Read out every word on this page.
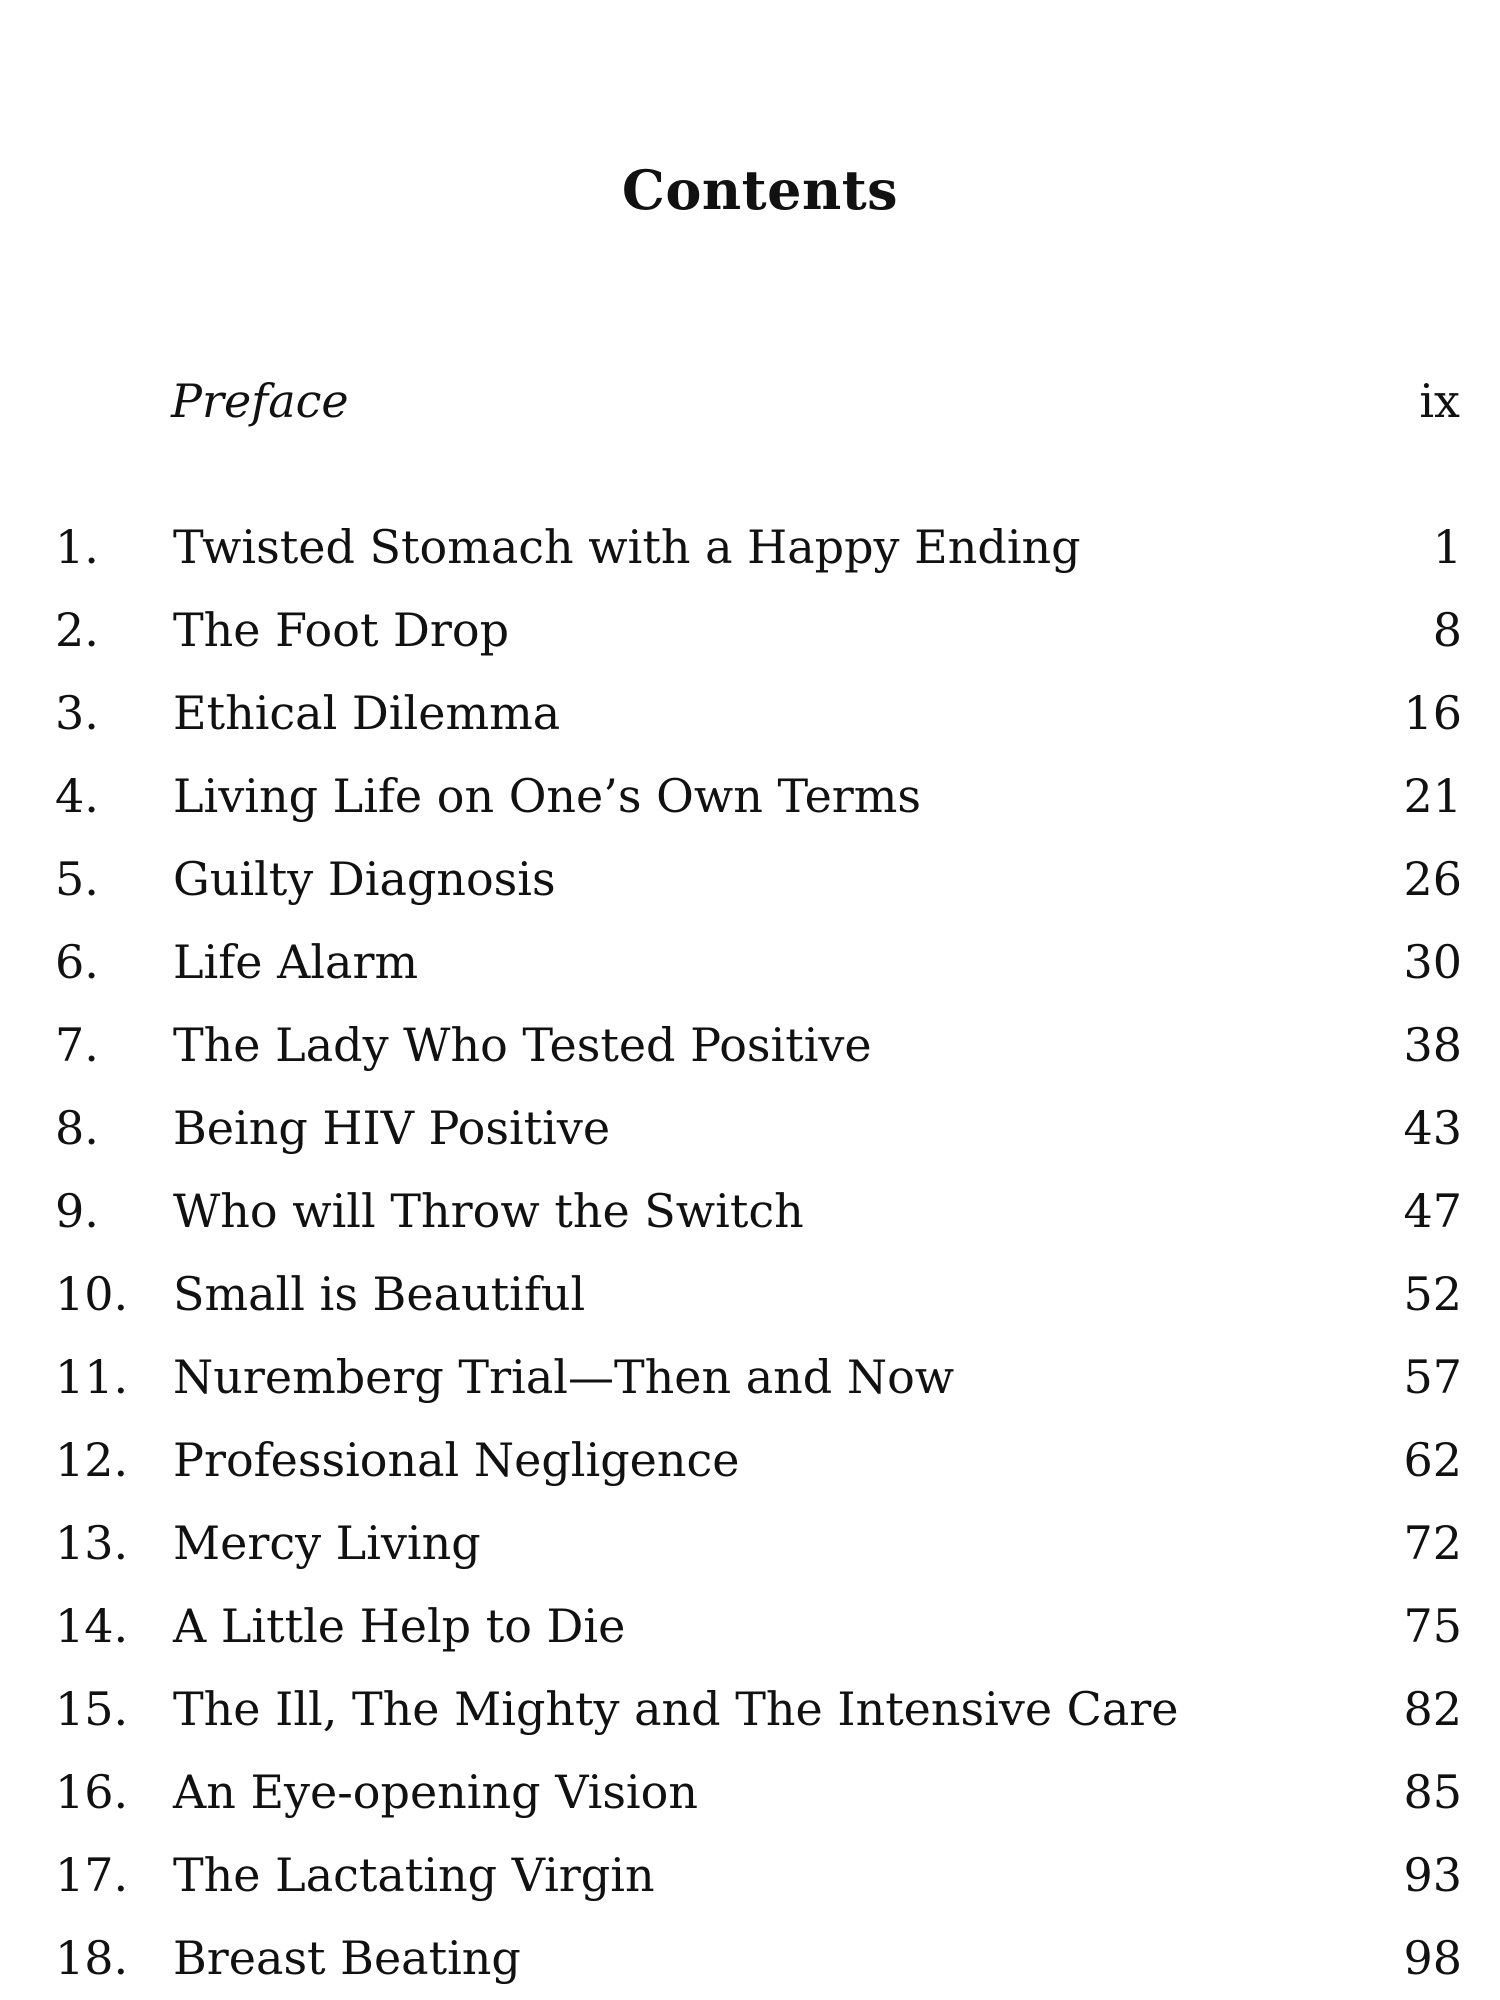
Contents
Preface	ix
1. Twisted Stomach with a Happy Ending	1
2. The Foot Drop	8
3. Ethical Dilemma	16
4. Living Life on One’s Own Terms	21
5. Guilty Diagnosis	26
6. Life Alarm	30
7. The Lady Who Tested Positive	38
8. Being HIV Positive	43
9. Who will Throw the Switch	47
10. Small is Beautiful	52
11. Nuremberg Trial—Then and Now	57
12. Professional Negligence	62
13. Mercy Living	72
14. A Little Help to Die	75
15. The Ill, The Mighty and The Intensive Care	82
16. An Eye-opening Vision	85
17. The Lactating Virgin	93
18. Breast Beating	98
